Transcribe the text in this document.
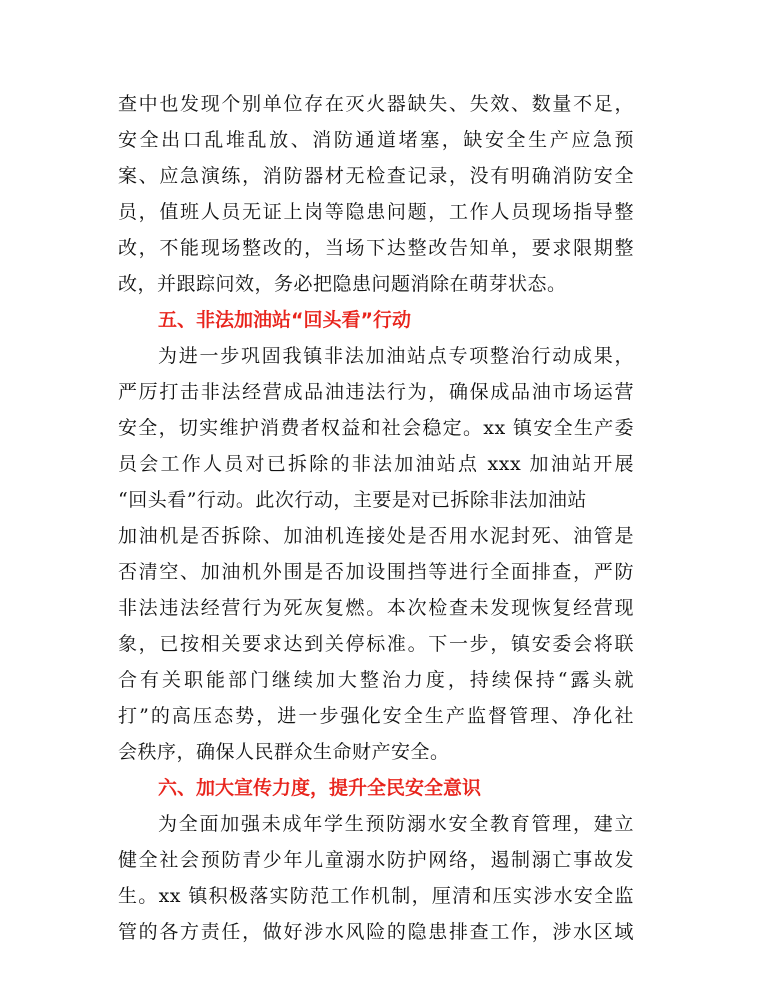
查中也发现个别单位存在灭火器缺失、失效、数量不足，
安全出口乱堆乱放、消防通道堵塞，缺安全生产应急预
案、应急演练，消防器材无检查记录，没有明确消防安全
员，值班人员无证上岗等隐患问题，工作人员现场指导整
改，不能现场整改的，当场下达整改告知单，要求限期整
改，并跟踪问效，务必把隐患问题消除在萌芽状态。
五、非法加油站“回头看”行动
为进一步巩固我镇非法加油站点专项整治行动成果，
严厉打击非法经营成品油违法行为，确保成品油市场运营
安全，切实维护消费者权益和社会稳定。xx 镇安全生产委
员会工作人员对已拆除的非法加油站点 xxx 加油站开展
“回头看”行动。此次行动，主要是对已拆除非法加油站
加油机是否拆除、加油机连接处是否用水泥封死、油管是
否清空、加油机外围是否加设围挡等进行全面排查，严防
非法违法经营行为死灰复燃。本次检查未发现恢复经营现
象，已按相关要求达到关停标准。下一步，镇安委会将联
合有关职能部门继续加大整治力度，持续保持“露头就
打”的高压态势，进一步强化安全生产监督管理、净化社
会秩序，确保人民群众生命财产安全。
六、加大宣传力度，提升全民安全意识
为全面加强未成年学生预防溺水安全教育管理，建立
健全社会预防青少年儿童溺水防护网络，遏制溺亡事故发
生。xx 镇积极落实防范工作机制，厘清和压实涉水安全监
管的各方责任，做好涉水风险的隐患排查工作，涉水区域
